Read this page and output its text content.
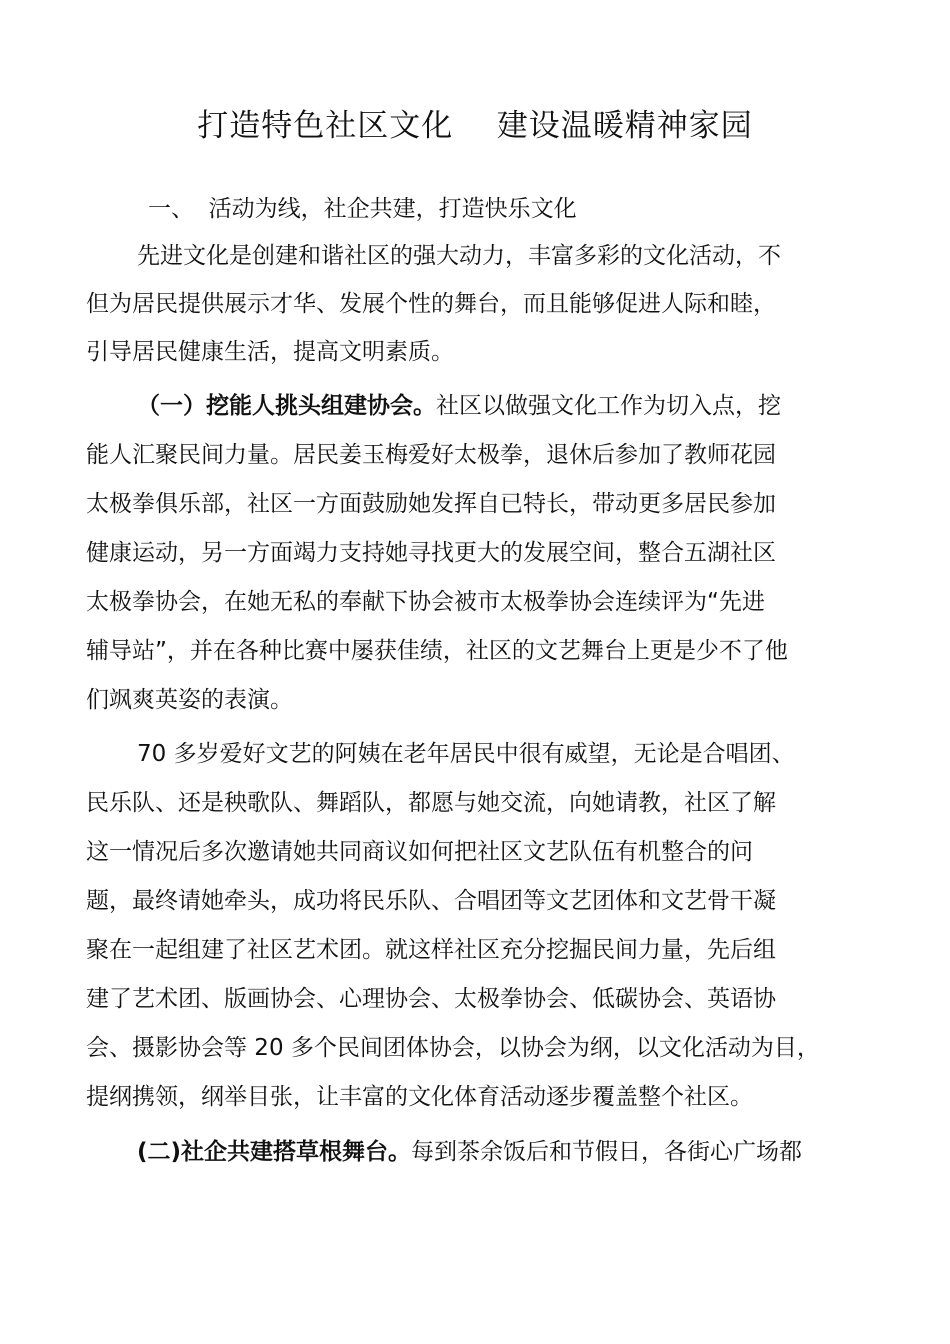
打造特色社区文化    建设温暖精神家园
一、  活动为线，社企共建，打造快乐文化
先进文化是创建和谐社区的强大动力，丰富多彩的文化活动，不
但为居民提供展示才华、发展个性的舞台，而且能够促进人际和睦，
引导居民健康生活，提高文明素质。
（一）挖能人挑头组建协会。社区以做强文化工作为切入点，挖
能人汇聚民间力量。居民姜玉梅爱好太极拳，退休后参加了教师花园
太极拳俱乐部，社区一方面鼓励她发挥自已特长，带动更多居民参加
健康运动，另一方面竭力支持她寻找更大的发展空间，整合五湖社区
太极拳协会，在她无私的奉献下协会被市太极拳协会连续评为“先进
辅导站”，并在各种比赛中屡获佳绩，社区的文艺舞台上更是少不了他
们飒爽英姿的表演。
70 多岁爱好文艺的阿姨在老年居民中很有威望，无论是合唱团、
民乐队、还是秧歌队、舞蹈队，都愿与她交流，向她请教，社区了解
这一情况后多次邀请她共同商议如何把社区文艺队伍有机整合的问
题，最终请她牵头，成功将民乐队、合唱团等文艺团体和文艺骨干凝
聚在一起组建了社区艺术团。就这样社区充分挖掘民间力量，先后组
建了艺术团、版画协会、心理协会、太极拳协会、低碳协会、英语协
会、摄影协会等 20 多个民间团体协会，以协会为纲，以文化活动为目，
提纲携领，纲举目张，让丰富的文化体育活动逐步覆盖整个社区。
(二)社企共建搭草根舞台。每到茶余饭后和节假日，各街心广场都
